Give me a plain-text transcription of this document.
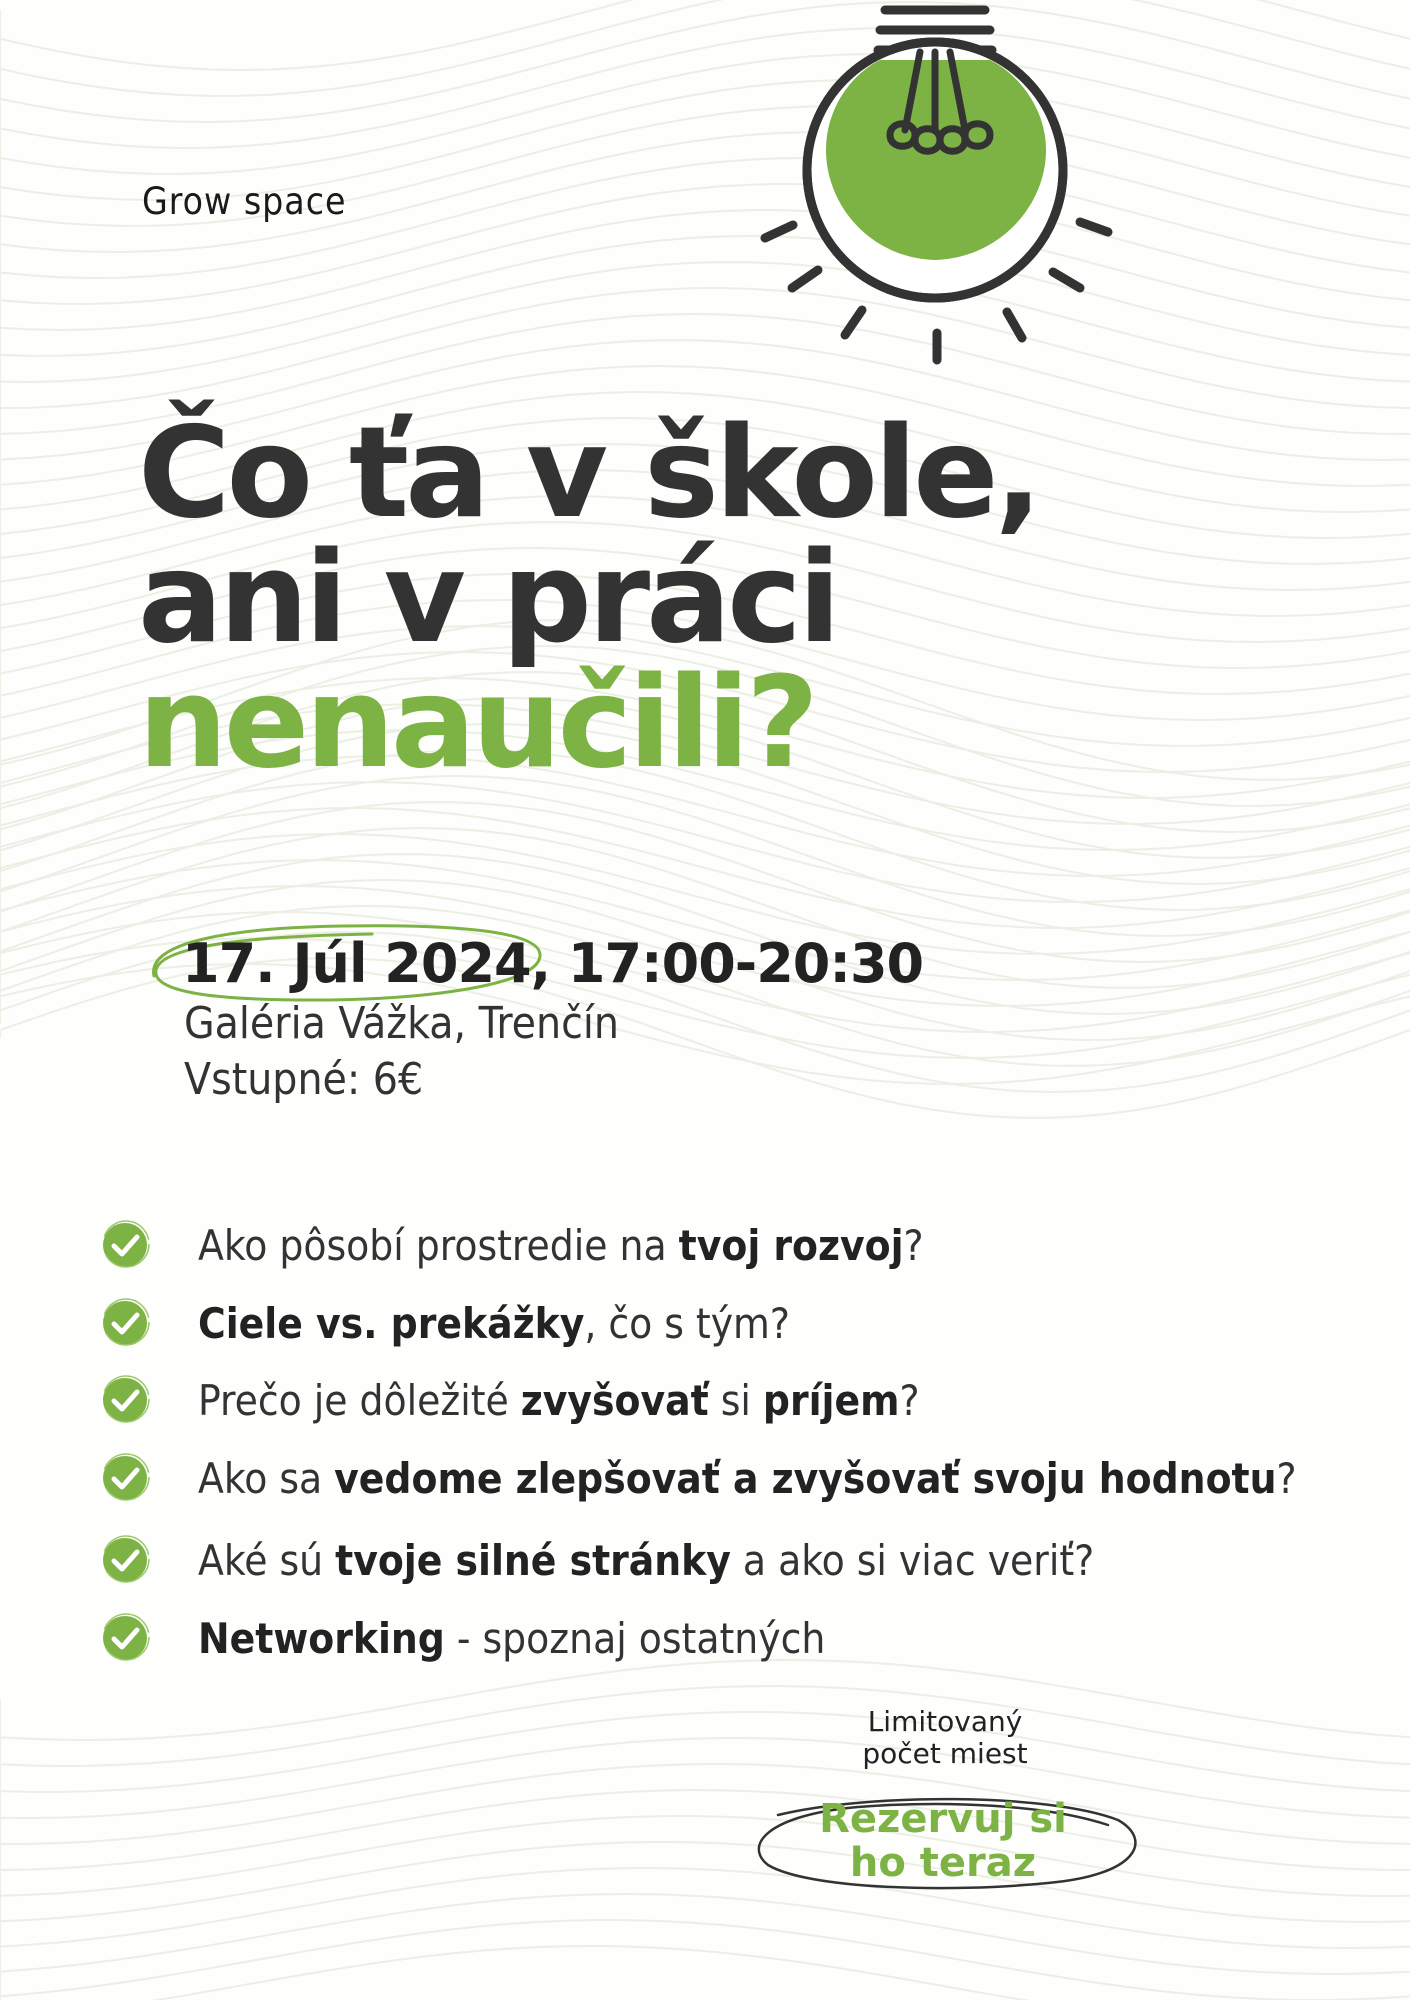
Grow space
Čo ťa v škole,
ani v práci
nenaučili?
17. Júl 2024, 17:00-20:30
Galéria Vážka, Trenčín
Vstupné: 6€
Ako pôsobí prostredie na tvoj rozvoj?
Ciele vs. prekážky, čo s tým?
Prečo je dôležité zvyšovať si príjem?
Ako sa vedome zlepšovať a zvyšovať svoju hodnotu?
Aké sú tvoje silné stránky a ako si viac veriť?
Networking - spoznaj ostatných
Limitovaný
počet miest
Rezervuj si
ho teraz
